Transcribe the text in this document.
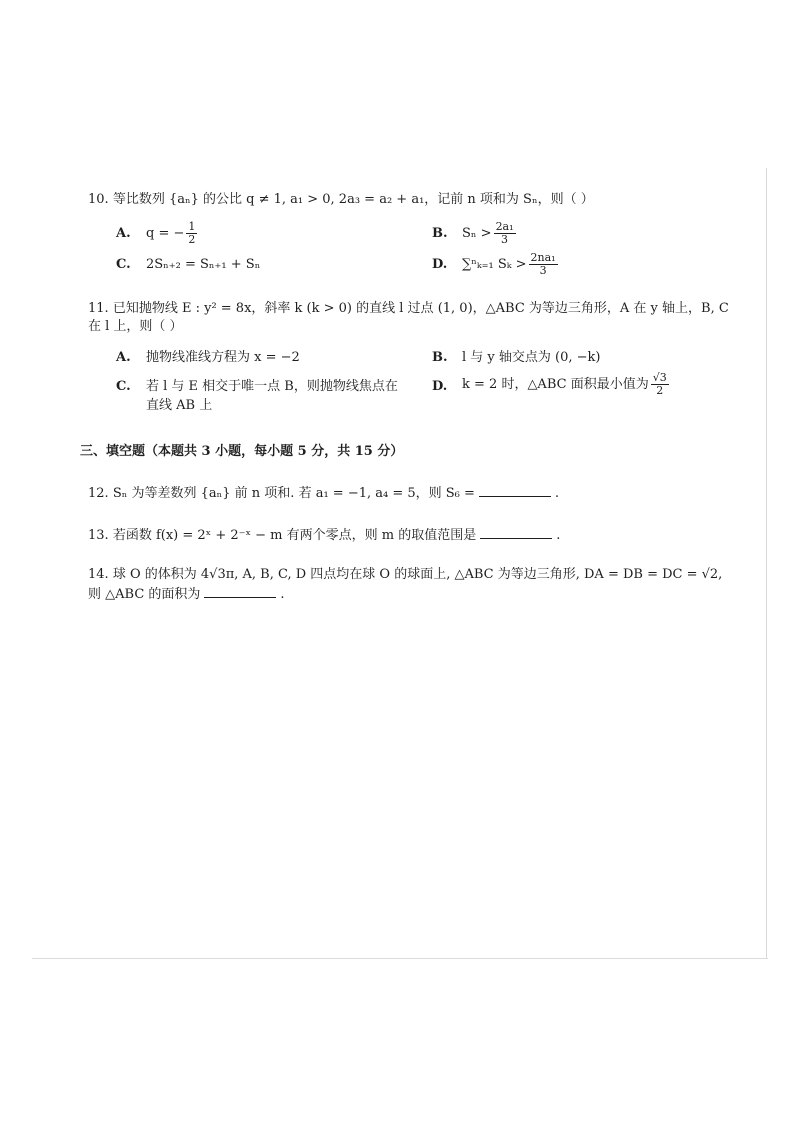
10. 等比数列 {aₙ} 的公比 q ≠ 1, a₁ > 0, 2a₃ = a₂ + a₁，记前 n 项和为 Sₙ，则（ ）
A. q = − $\frac{1}{2}$	B. $S_n > \frac{\text{2a₁}}{3}$
C. 2Sₙ₊₂ = Sₙ₊₁ + Sₙ	D. ∑ⁿₖ₌₁ $S_k > \frac{\text{2na₁}}{3}$
11. 已知抛物线 E : y² = 8x，斜率 k (k > 0) 的直线 l 过点 (1, 0)，△ABC 为等边三角形，A 在 y 轴上，B, C
在 l 上，则（ ）
A. 抛物线准线方程为 x = −2	B. l 与 y 轴交点为 (0, −k)
C. 若 l 与 E 相交于唯一点 B，则抛物线焦点在
直线 AB 上
D. k = 2 时，△ABC 面积最小值为 $\frac{√3}{2}$
三、填空题（本题共 3 小题，每小题 5 分，共 15 分）
12. Sₙ 为等差数列 {aₙ} 前 n 项和. 若 a₁ = −1, a₄ = 5，则 S₆ =	.
13. 若函数 f(x) = 2ˣ + 2⁻ˣ − m 有两个零点，则 m 的取值范围是	.
14. 球 O 的体积为 4√3π, A, B, C, D 四点均在球 O 的球面上, △ABC 为等边三角形, DA = DB = DC = √2,
则 △ABC 的面积为	.
